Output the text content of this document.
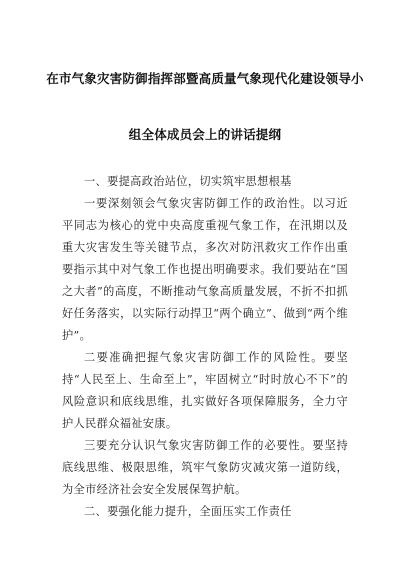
在市气象灾害防御指挥部暨高质量气象现代化建设领导小
组全体成员会上的讲话提纲
一、要提高政治站位，切实筑牢思想根基

一要深刻领会气象灾害防御工作的政治性。以习近平同志为核心的党中央高度重视气象工作，在汛期以及重大灾害发生等关键节点，多次对防汛救灾工作作出重要指示其中对气象工作也提出明确要求。我们要站在“国之大者”的高度，不断推动气象高质量发展，不折不扣抓好任务落实，以实际行动捍卫“两个确立”、做到“两个维护”。

二要准确把握气象灾害防御工作的风险性。要坚持“人民至上、生命至上”，牢固树立“时时放心不下”的风险意识和底线思维，扎实做好各项保障服务，全力守护人民群众福祉安康。

三要充分认识气象灾害防御工作的必要性。要坚持底线思维、极限思维，筑牢气象防灾减灾第一道防线，为全市经济社会安全发展保驾护航。

二、要强化能力提升，全面压实工作责任
